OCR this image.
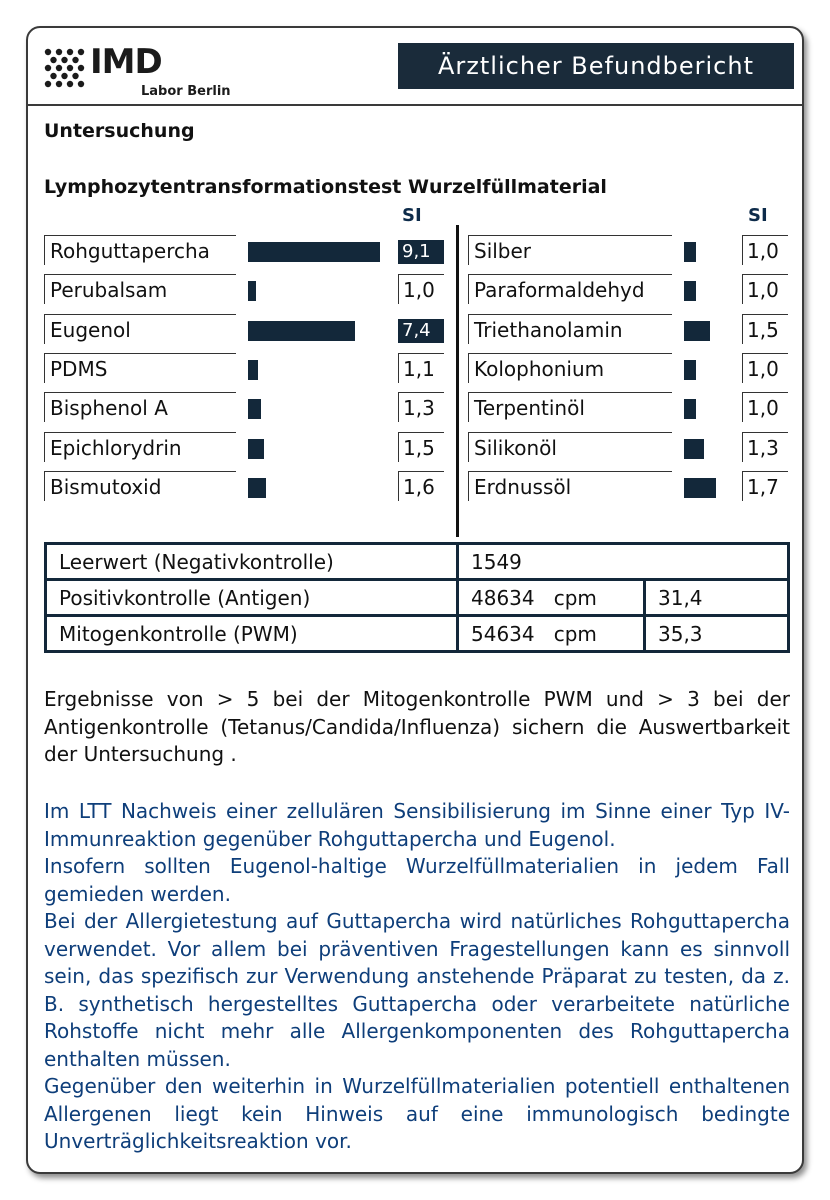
IMD
Labor Berlin
Ärztlicher Befundbericht
Untersuchung
Lymphozytentransformationstest Wurzelfüllmaterial
SI	SI
Rohguttapercha	9,1
Perubalsam	1,0
Eugenol	7,4
PDMS	1,1
Bisphenol A	1,3
Epichlorydrin	1,5
Bismutoxid	1,6
Silber	1,0
Paraformaldehyd	1,0
Triethanolamin	1,5
Kolophonium	1,0
Terpentinöl	1,0
Silikonöl	1,3
Erdnussöl	1,7
Leerwert (Negativkontrolle)	1549	
Positivkontrolle (Antigen)	48634 cpm	31,4
Mitogenkontrolle (PWM)	54634 cpm	35,3
Ergebnisse von > 5 bei der Mitogenkontrolle PWM und > 3 bei der Antigenkontrolle (Tetanus/Candida/Influenza) sichern die Auswertbarkeit der Untersuchung .
Im LTT Nachweis einer zellulären Sensibilisierung im Sinne einer Typ IV-Immunreaktion gegenüber Rohguttapercha und Eugenol.
Insofern sollten Eugenol-haltige Wurzelfüllmaterialien in jedem Fall gemieden werden.
Bei der Allergietestung auf Guttapercha wird natürliches Rohguttapercha verwendet. Vor allem bei präventiven Fragestellungen kann es sinnvoll sein, das spezifisch zur Verwendung anstehende Präparat zu testen, da z. B. synthetisch hergestelltes Guttapercha oder verarbeitete natürliche Rohstoffe nicht mehr alle Allergenkomponenten des Rohguttapercha enthalten müssen.
Gegenüber den weiterhin in Wurzelfüllmaterialien potentiell enthaltenen Allergenen liegt kein Hinweis auf eine immunologisch bedingte Unverträglichkeitsreaktion vor.
